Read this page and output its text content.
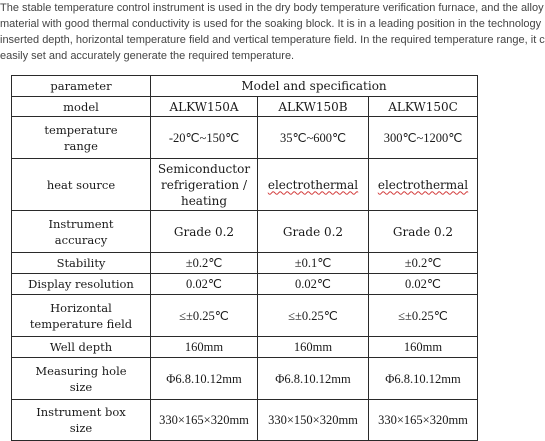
The stable temperature control instrument is used in the dry body temperature verification furnace, and the alloy
material with good thermal conductivity is used for the soaking block. It is in a leading position in the technology
inserted depth, horizontal temperature field and vertical temperature field. In the required temperature range, it c
easily set and accurately generate the required temperature.
parameter	Model and specification		
model	ALKW150A	ALKW150B	ALKW150C

temperature
range	-20℃~150℃	35℃~600℃	300℃~1200℃
heat source	Semiconductor
refrigeration /
heating	electrothermal	electrothermal

Instrument
accuracy	Grade 0.2	Grade 0.2	Grade 0.2
Stability	±0.2℃	±0.1℃	±0.2℃
Display resolution	0.02℃	0.02℃	0.02℃

Horizontal
temperature field	≤±0.25℃	≤±0.25℃	≤±0.25℃
Well depth	160mm	160mm	160mm

Measuring hole
size	Φ6.8.10.12mm	Φ6.8.10.12mm	Φ6.8.10.12mm

Instrument box
size	330×165×320mm	330×150×320mm	330×165×320mm
